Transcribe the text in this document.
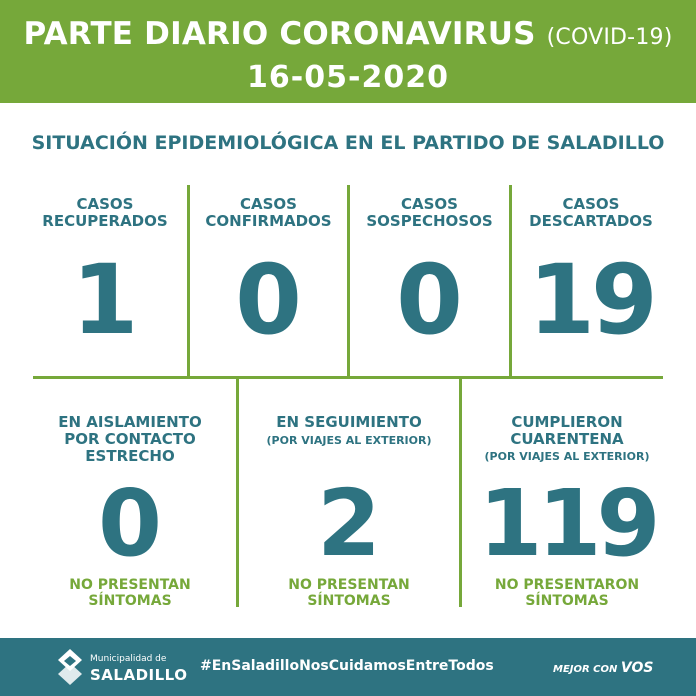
PARTE DIARIO CORONAVIRUS (COVID-19)
16-05-2020
SITUACIÓN EPIDEMIOLÓGICA EN EL PARTIDO DE SALADILLO
CASOS
RECUPERADOS
1
CASOS
CONFIRMADOS
0
CASOS
SOSPECHOSOS
0
CASOS
DESCARTADOS
19
EN AISLAMIENTO
POR CONTACTO
ESTRECHO
0
NO PRESENTAN
SÍNTOMAS
EN SEGUIMIENTO
(POR VIAJES AL EXTERIOR)
2
NO PRESENTAN
SÍNTOMAS
CUMPLIERON
CUARENTENA
(POR VIAJES AL EXTERIOR)
119
NO PRESENTARON
SÍNTOMAS
Municipalidad de
SALADILLO #EnSaladilloNosCuidamosEntreTodos	MEJOR CON VOS
